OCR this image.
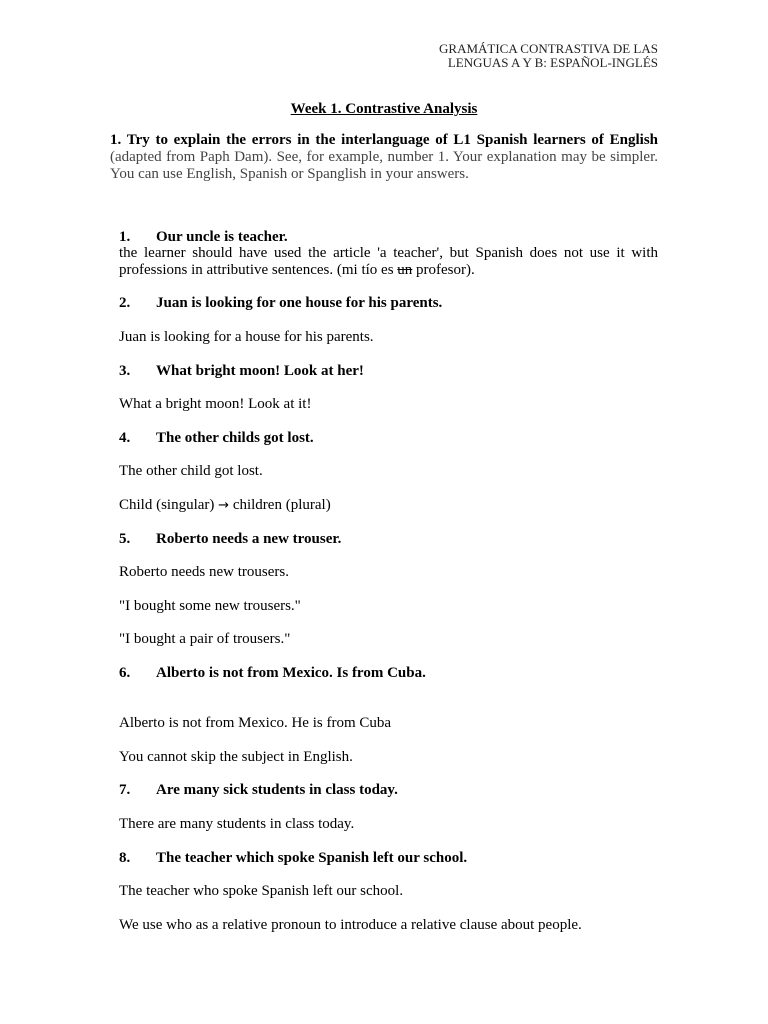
GRAMÁTICA CONTRASTIVA DE LAS
LENGUAS A Y B: ESPAÑOL-INGLÉS
Week 1. Contrastive Analysis
1. Try to explain the errors in the interlanguage of L1 Spanish learners of English (adapted from Paph Dam). See, for example, number 1. Your explanation may be simpler. You can use English, Spanish or Spanglish in your answers.
1. Our uncle is teacher.
the learner should have used the article 'a teacher', but Spanish does not use it with professions in attributive sentences. (mi tío es un profesor).
2. Juan is looking for one house for his parents.
Juan is looking for a house for his parents.
3. What bright moon! Look at her!
What a bright moon! Look at it!
4. The other childs got lost.
The other child got lost.
Child (singular) → children (plural)
5. Roberto needs a new trouser.
Roberto needs new trousers.
"I bought some new trousers."
"I bought a pair of trousers."
6. Alberto is not from Mexico. Is from Cuba.
Alberto is not from Mexico. He is from Cuba
You cannot skip the subject in English.
7. Are many sick students in class today.
There are many students in class today.
8. The teacher which spoke Spanish left our school.
The teacher who spoke Spanish left our school.
We use who as a relative pronoun to introduce a relative clause about people.
